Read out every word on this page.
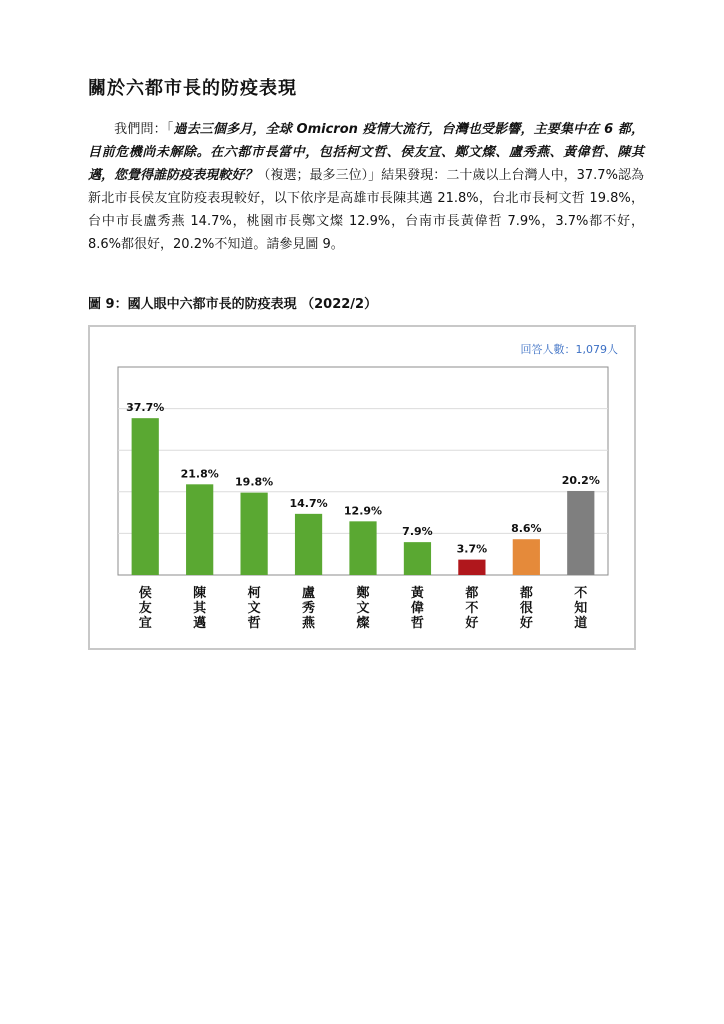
關於六都市長的防疫表現

我們問：「過去三個多月，全球 Omicron 疫情大流行，台灣也受影響，主要集中在 6 都，目前危機尚未解除。在六都市長當中，包括柯文哲、侯友宜、鄭文燦、盧秀燕、黃偉哲、陳其邁，您覺得誰防疫表現較好？（複選；最多三位）」結果發現：二十歲以上台灣人中，37.7%認為新北市長侯友宜防疫表現較好，以下依序是高雄市長陳其邁 21.8%，台北市長柯文哲 19.8%，台中市長盧秀燕 14.7%，桃園市長鄭文燦 12.9%，台南市長黃偉哲 7.9%，3.7%都不好，8.6%都很好，20.2%不知道。請參見圖 9。

圖 9：國人眼中六都市長的防疫表現 （2022/2）

回答人數：1,079人
37.7%
侯友宜
21.8%
陳其邁
19.8%
柯文哲
14.7%
盧秀燕
12.9%
鄭文燦
7.9%
黃偉哲
3.7%
都不好
8.6%
都很好
20.2%
不知道
